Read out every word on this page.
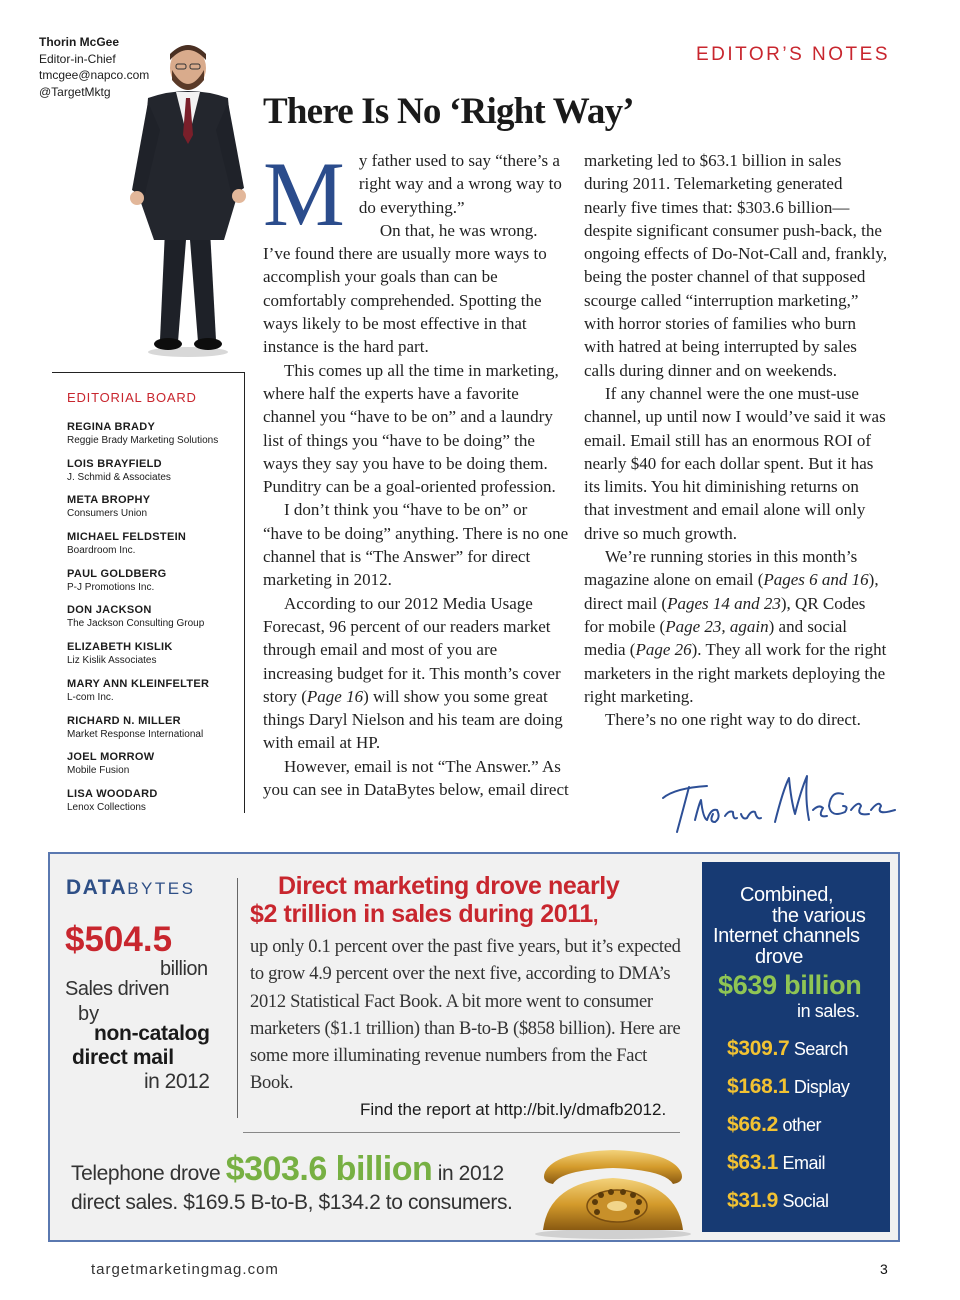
Thorin McGee
Editor-in-Chief
tmcgee@napco.com
@TargetMktg
EDITOR’S NOTES
There Is No ‘Right Way’
EDITORIAL BOARD
REGINA BRADY
Reggie Brady Marketing Solutions
LOIS BRAYFIELD
J. Schmid & Associates
META BROPHY
Consumers Union
MICHAEL FELDSTEIN
Boardroom Inc.
PAUL GOLDBERG
P-J Promotions Inc.
DON JACKSON
The Jackson Consulting Group
ELIZABETH KISLIK
Liz Kislik Associates
MARY ANN KLEINFELTER
L-com Inc.
RICHARD N. MILLER
Market Response International
JOEL MORROW
Mobile Fusion
LISA WOODARD
Lenox Collections

My father used to say “there’s a right way and a wrong way to do everything.”

On that, he was wrong. I’ve found there are usually more ways to accomplish your goals than can be comfortably comprehended. Spotting the ways likely to be most effective in that instance is the hard part.

This comes up all the time in marketing, where half the experts have a favorite channel you “have to be on” and a laundry list of things you “have to be doing” the ways they say you have to be doing them. Punditry can be a goal-oriented profession.

I don’t think you “have to be on” or “have to be doing” anything. There is no one channel that is “The Answer” for direct marketing in 2012.

According to our 2012 Media Usage Forecast, 96 percent of our readers market through email and most of you are increasing budget for it. This month’s cover story (Page 16) will show you some great things Daryl Nielson and his team are doing with email at HP.

However, email is not “The Answer.” As you can see in DataBytes below, email direct

marketing led to $63.1 billion in sales during 2011. Telemarketing generated nearly five times that: $303.6 billion—despite significant consumer push-back, the ongoing effects of Do-Not-Call and, frankly, being the poster channel of that supposed scourge called “interruption marketing,” with horror stories of families who burn with hatred at being interrupted by sales calls during dinner and on weekends.

If any channel were the one must-use channel, up until now I would’ve said it was email. Email still has an enormous ROI of nearly $40 for each dollar spent. But it has its limits. You hit diminishing returns on that investment and email alone will only drive so much growth.

We’re running stories in this month’s magazine alone on email (Pages 6 and 16), direct mail (Pages 14 and 23), QR Codes for mobile (Page 23, again) and social media (Page 26). They all work for the right marketers in the right markets deploying the right marketing.

There’s no one right way to do direct.

DATABYTES
$504.5
billion
Sales driven
by
non-catalog
direct mail
in 2012
Direct marketing drove nearly
$2 trillion in sales during 2011,
up only 0.1 percent over the past five years, but it’s expected to grow 4.9 percent over the next five, according to DMA’s 2012 Statistical Fact Book. A bit more went to consumer marketers ($1.1 trillion) than B-to-B ($858 billion). Here are some more illuminating revenue numbers from the Fact Book.
Find the report at http://bit.ly/dmafb2012.
Telephone drove $303.6 billion in 2012
direct sales. $169.5 B-to-B, $134.2 to consumers.
Combined,
the various
Internet channels
drove
$639 billion
in sales.
$309.7 Search
$168.1 Display
$66.2 other
$63.1 Email
$31.9 Social
targetmarketingmag.com	3
